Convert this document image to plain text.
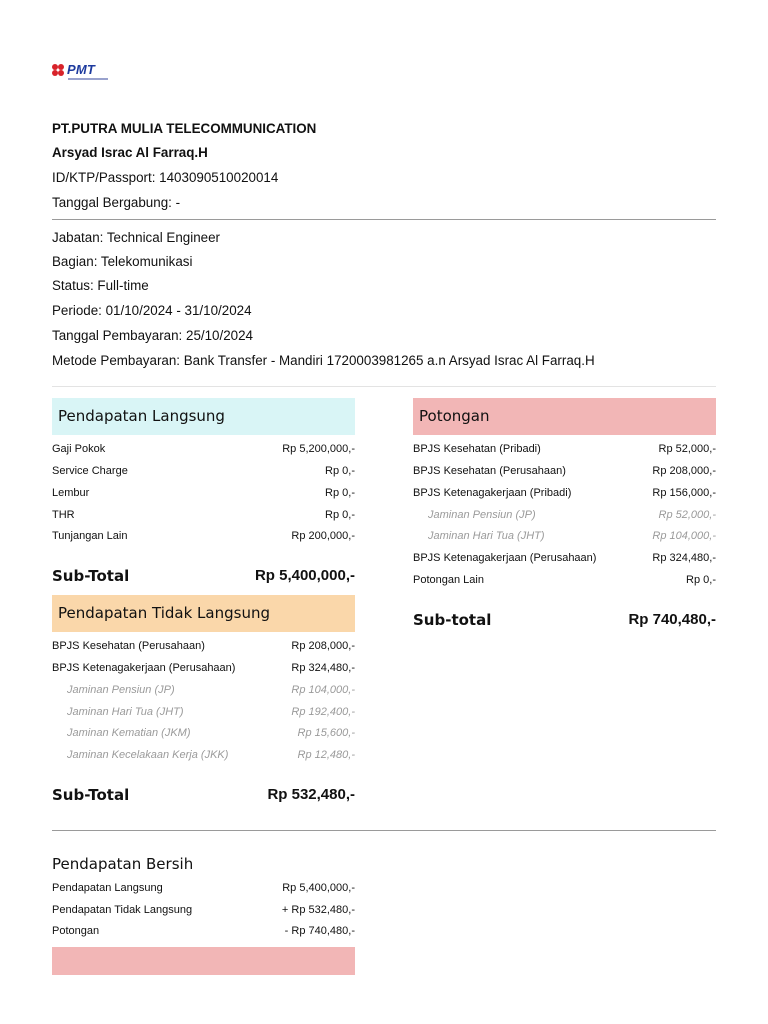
PMT
PT.PUTRA MULIA TELECOMMUNICATION
Arsyad Israc Al Farraq.H
ID/KTP/Passport: 1403090510020014
Tanggal Bergabung: -
Jabatan: Technical Engineer
Bagian: Telekomunikasi
Status: Full-time
Periode: 01/10/2024 - 31/10/2024
Tanggal Pembayaran: 25/10/2024
Metode Pembayaran: Bank Transfer - Mandiri 1720003981265 a.n Arsyad Israc Al Farraq.H
Pendapatan Langsung
Gaji Pokok	Rp 5,200,000,-
Service Charge	Rp 0,-
Lembur	Rp 0,-
THR	Rp 0,-
Tunjangan Lain	Rp 200,000,-
Sub-Total	Rp 5,400,000,-
Pendapatan Tidak Langsung
BPJS Kesehatan (Perusahaan)	Rp 208,000,-
BPJS Ketenagakerjaan (Perusahaan)	Rp 324,480,-
Jaminan Pensiun (JP)	Rp 104,000,-
Jaminan Hari Tua (JHT)	Rp 192,400,-
Jaminan Kematian (JKM)	Rp 15,600,-
Jaminan Kecelakaan Kerja (JKK)	Rp 12,480,-
Sub-Total	Rp 532,480,-
Potongan
BPJS Kesehatan (Pribadi)	Rp 52,000,-
BPJS Kesehatan (Perusahaan)	Rp 208,000,-
BPJS Ketenagakerjaan (Pribadi)	Rp 156,000,-
Jaminan Pensiun (JP)	Rp 52,000,-
Jaminan Hari Tua (JHT)	Rp 104,000,-
BPJS Ketenagakerjaan (Perusahaan)	Rp 324,480,-
Potongan Lain	Rp 0,-
Sub-total	Rp 740,480,-
Pendapatan Bersih
Pendapatan Langsung	Rp 5,400,000,-
Pendapatan Tidak Langsung	+ Rp 532,480,-
Potongan	- Rp 740,480,-
